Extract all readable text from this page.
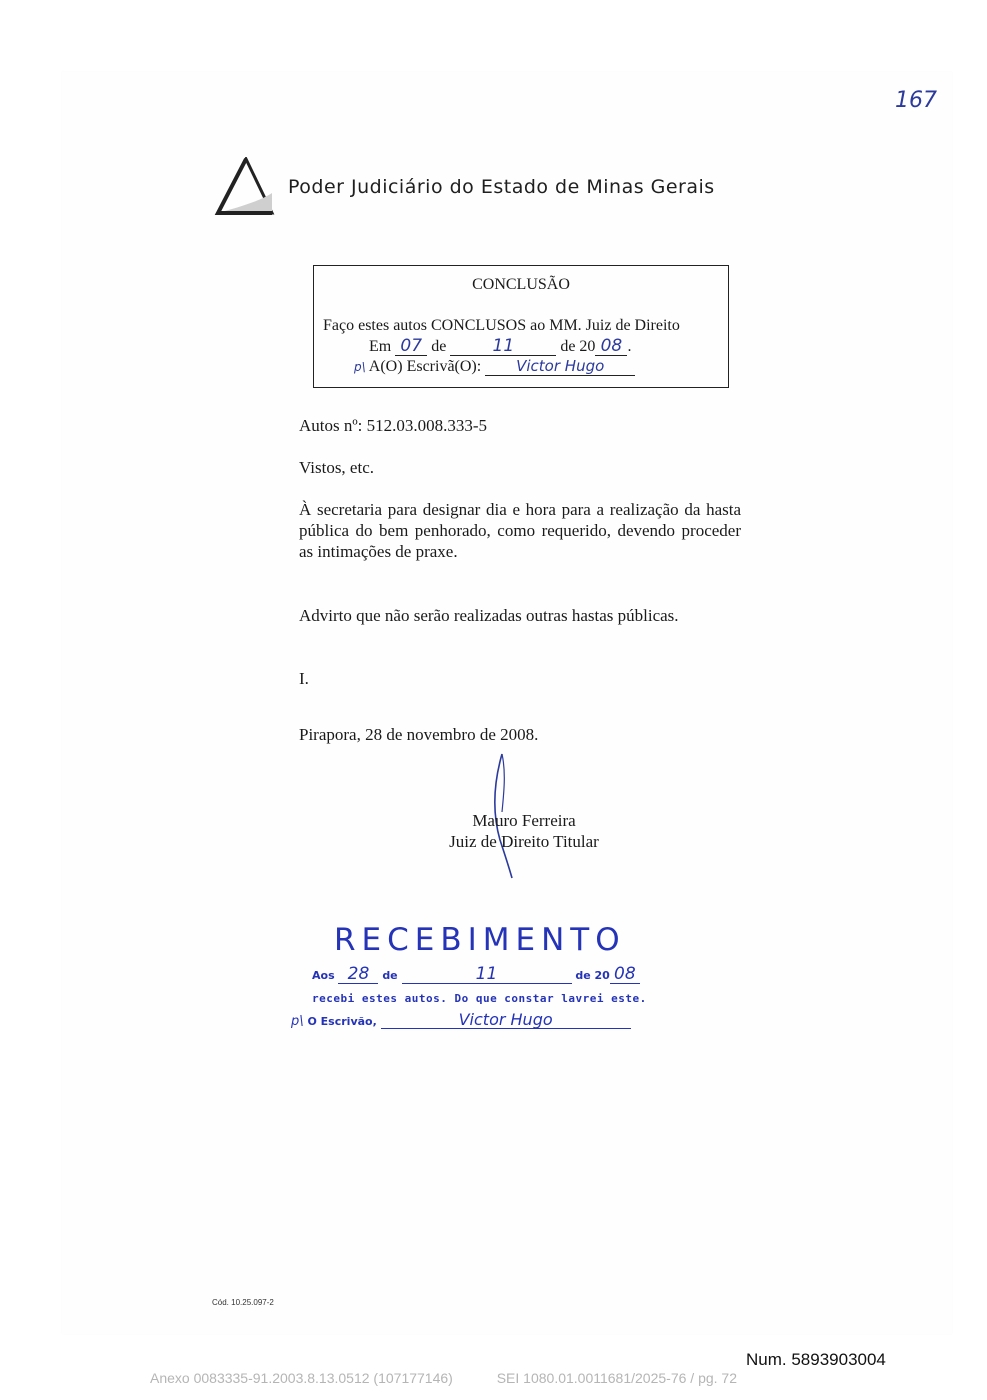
167
Poder Judiciário do Estado de Minas Gerais
CONCLUSÃO
Faço estes autos CONCLUSOS ao MM. Juiz de Direito
Em 07 de	11	de 20 08 .
p\ A(O) Escrivã(O): Victor Hugo
Autos nº: 512.03.008.333-5
Vistos, etc.
À secretaria para designar dia e hora para a realização da hasta pública do bem penhorado, como requerido, devendo proceder as intimações de praxe.
Advirto que não serão realizadas outras hastas públicas.
I.
Pirapora, 28 de novembro de 2008.
Mauro Ferreira
Juiz de Direito Titular
RECEBIMENTO
Aos 28 de	11	de 20 08
recebi estes autos. Do que constar lavrei este.
p\ O Escrivão,	Victor Hugo
Cód. 10.25.097-2
Num. 5893903004
Anexo 0083335-91.2003.8.13.0512 (107177146)	SEI 1080.01.0011681/2025-76 / pg. 72
